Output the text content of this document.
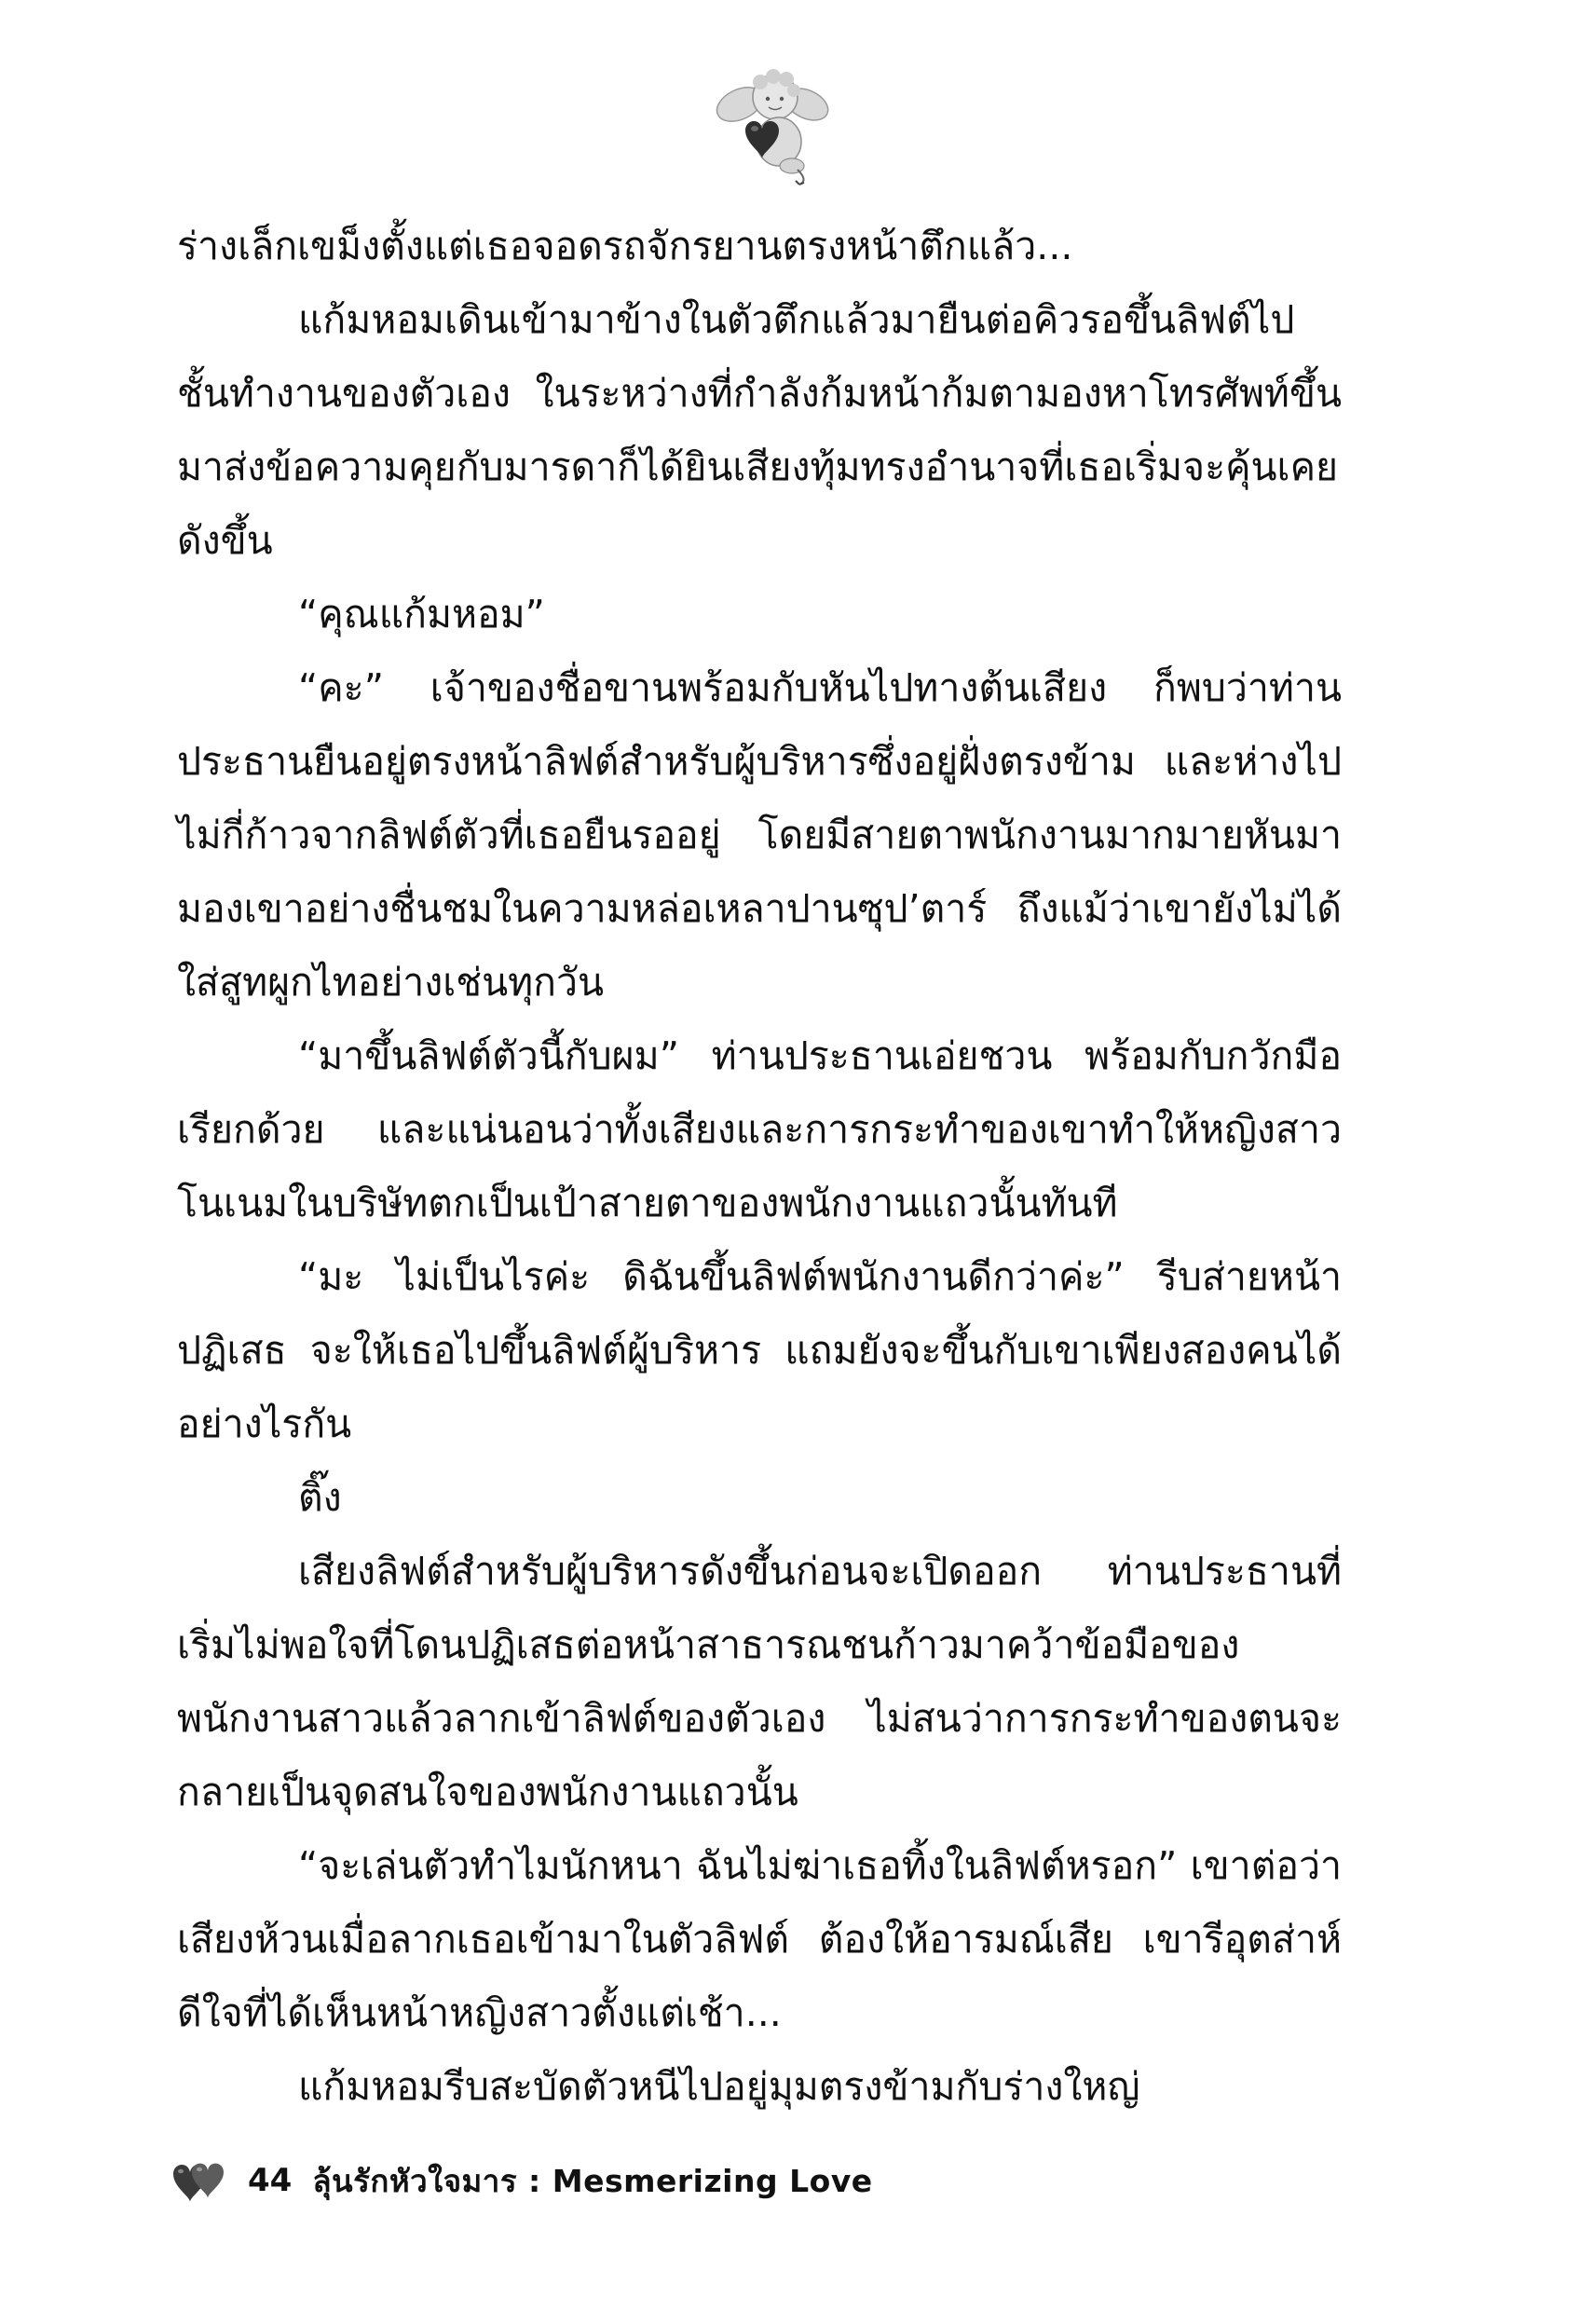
ร่างเล็กเขม็งตั้งแต่เธอจอดรถจักรยานตรงหน้าตึกแล้ว...

แก้มหอมเดินเข้ามาข้างในตัวตึกแล้วมายืนต่อคิวรอขึ้นลิฟต์ไปชั้นทำงานของตัวเอง ในระหว่างที่กำลังก้มหน้าก้มตามองหาโทรศัพท์ขึ้นมาส่งข้อความคุยกับมารดาก็ได้ยินเสียงทุ้มทรงอำนาจที่เธอเริ่มจะคุ้นเคยดังขึ้น

“คุณแก้มหอม”

“คะ” เจ้าของชื่อขานพร้อมกับหันไปทางต้นเสียง ก็พบว่าท่านประธานยืนอยู่ตรงหน้าลิฟต์สำหรับผู้บริหารซึ่งอยู่ฝั่งตรงข้าม และห่างไปไม่กี่ก้าวจากลิฟต์ตัวที่เธอยืนรออยู่ โดยมีสายตาพนักงานมากมายหันมามองเขาอย่างชื่นชมในความหล่อเหลาปานซุป’ตาร์ ถึงแม้ว่าเขายังไม่ได้ใส่สูทผูกไทอย่างเช่นทุกวัน

“มาขึ้นลิฟต์ตัวนี้กับผม” ท่านประธานเอ่ยชวน พร้อมกับกวักมือเรียกด้วย และแน่นอนว่าทั้งเสียงและการกระทำของเขาทำให้หญิงสาวโนเนมในบริษัทตกเป็นเป้าสายตาของพนักงานแถวนั้นทันที

“มะ ไม่เป็นไรค่ะ ดิฉันขึ้นลิฟต์พนักงานดีกว่าค่ะ” รีบส่ายหน้าปฏิเสธ จะให้เธอไปขึ้นลิฟต์ผู้บริหาร แถมยังจะขึ้นกับเขาเพียงสองคนได้อย่างไรกัน

ติ๊ง

เสียงลิฟต์สำหรับผู้บริหารดังขึ้นก่อนจะเปิดออก ท่านประธานที่เริ่มไม่พอใจที่โดนปฏิเสธต่อหน้าสาธารณชนก้าวมาคว้าข้อมือของพนักงานสาวแล้วลากเข้าลิฟต์ของตัวเอง ไม่สนว่าการกระทำของตนจะกลายเป็นจุดสนใจของพนักงานแถวนั้น

“จะเล่นตัวทำไมนักหนา ฉันไม่ฆ่าเธอทิ้งในลิฟต์หรอก” เขาต่อว่าเสียงห้วนเมื่อลากเธอเข้ามาในตัวลิฟต์ ต้องให้อารมณ์เสีย เขารีอุตส่าห์ดีใจที่ได้เห็นหน้าหญิงสาวตั้งแต่เช้า...

แก้มหอมรีบสะบัดตัวหนีไปอยู่มุมตรงข้ามกับร่างใหญ่

44 ลุ้นรักหัวใจมาร : Mesmerizing Love
